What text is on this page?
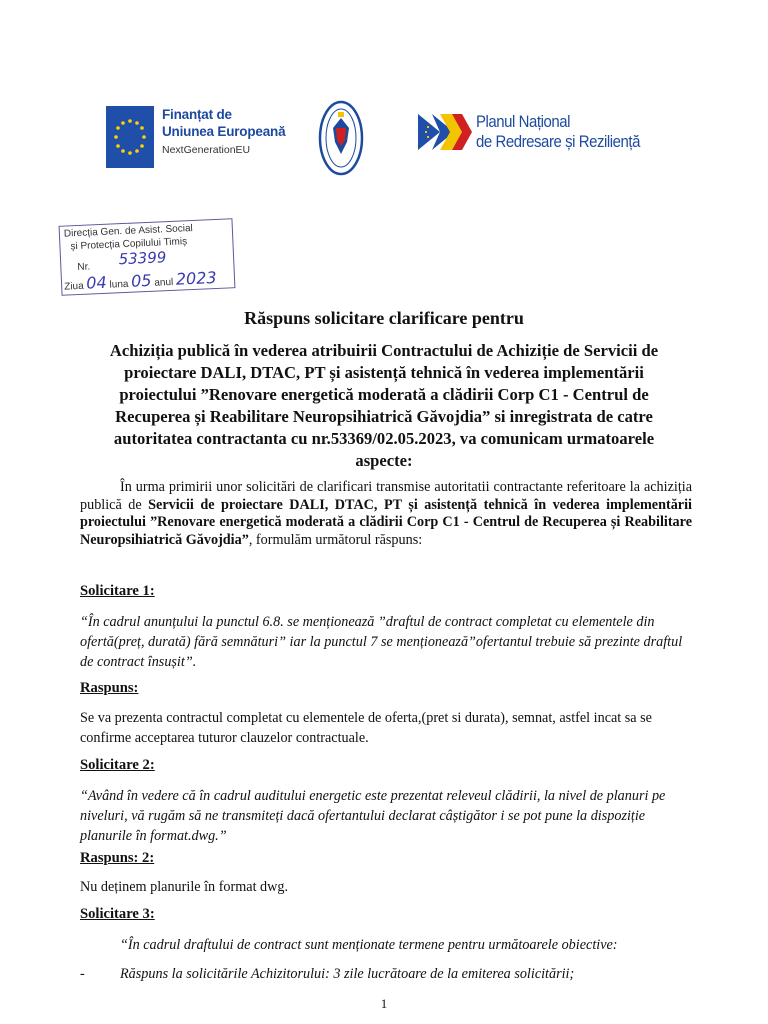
Finanțat de
Uniunea Europeană
NextGenerationEU
Planul Național
de Redresare și Reziliență
Direcția Gen. de Asist. Social
și Protecția Copilului Timiș
Nr. 53399
Ziua 04 luna 05 anul 2023
Răspuns solicitare clarificare pentru
Achiziția publică în vederea atribuirii Contractului de Achiziție de Servicii de proiectare DALI, DTAC, PT și asistență tehnică în vederea implementării proiectului ”Renovare energetică moderată a clădirii Corp C1 - Centrul de Recuperea și Reabilitare Neuropsihiatrică Găvojdia” si inregistrata de catre autoritatea contractanta cu nr.53369/02.05.2023, va comunicam urmatoarele aspecte:
În urma primirii unor solicitări de clarificari transmise autoritatii contractante referitoare la achiziția publică de Servicii de proiectare DALI, DTAC, PT și asistență tehnică în vederea implementării proiectului ”Renovare energetică moderată a clădirii Corp C1 - Centrul de Recuperea și Reabilitare Neuropsihiatrică Găvojdia”, formulăm următorul răspuns:
Solicitare 1:
“În cadrul anunțului la punctul 6.8. se menționează ”draftul de contract completat cu elementele din ofertă(preț, durată) fără semnături” iar la punctul 7 se menționează”ofertantul trebuie să prezinte draftul de contract însușit”.
Raspuns:
Se va prezenta contractul completat cu elementele de oferta,(pret si durata), semnat, astfel incat sa se confirme acceptarea tuturor clauzelor contractuale.
Solicitare 2:
“Având în vedere că în cadrul auditului energetic este prezentat releveul clădirii, la nivel de planuri pe niveluri, vă rugăm să ne transmiteți dacă ofertantului declarat câștigător i se pot pune la dispoziție planurile în format.dwg.”
Raspuns: 2:
Nu deținem planurile în format dwg.
Solicitare 3:
“În cadrul draftului de contract sunt menționate termene pentru următoarele obiective:
-	Răspuns la solicitările Achizitorului: 3 zile lucrătoare de la emiterea solicitării;
1
